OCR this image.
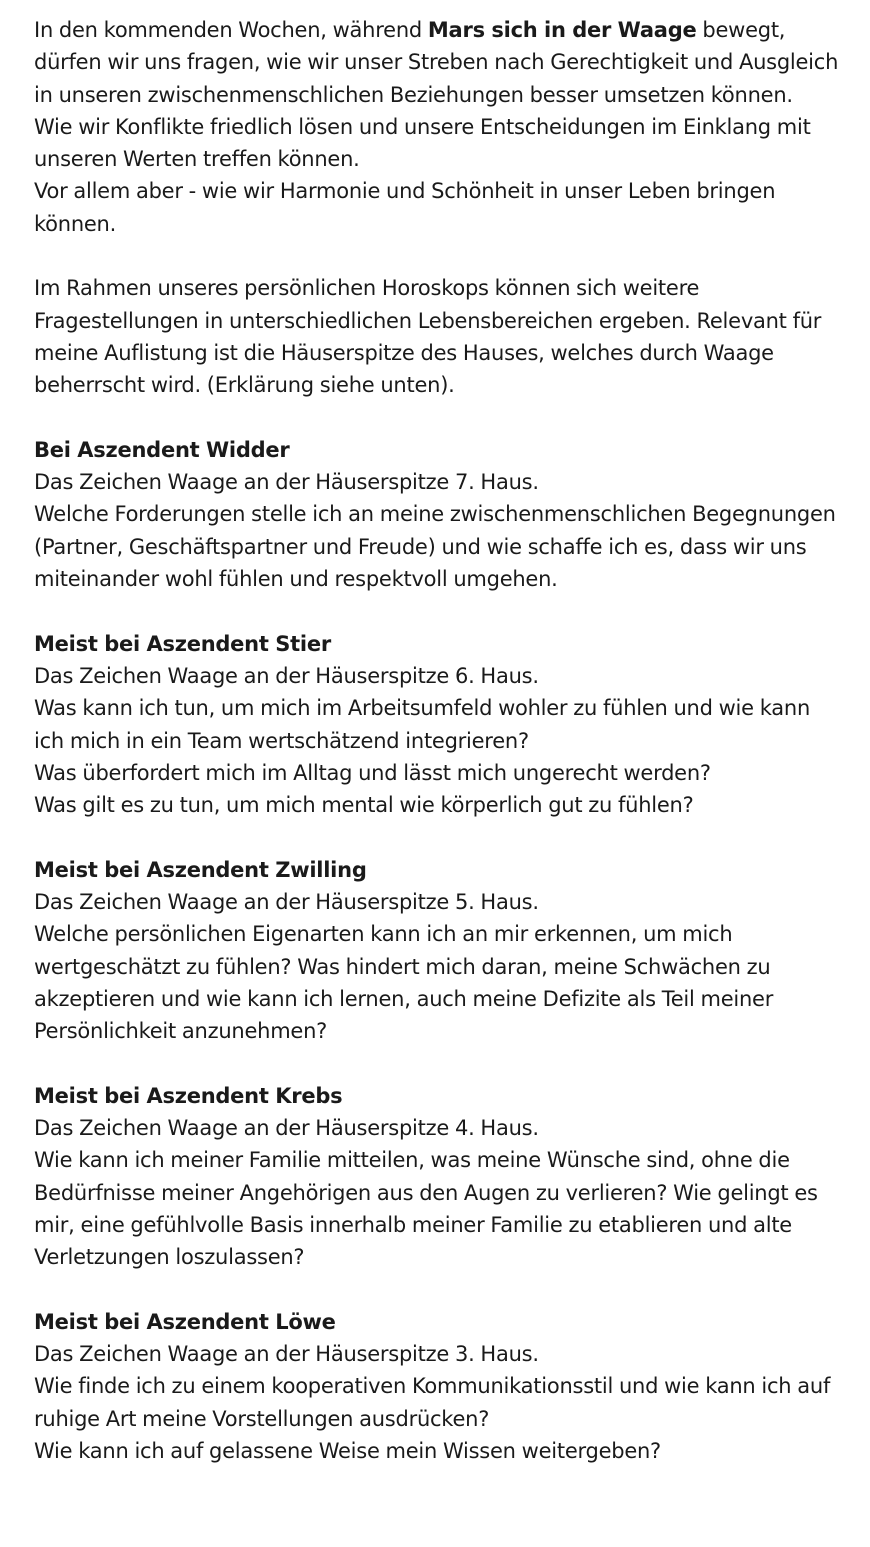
In den kommenden Wochen, während Mars sich in der Waage bewegt, dürfen wir uns fragen, wie wir unser Streben nach Gerechtigkeit und Ausgleich in unseren zwischenmenschlichen Beziehungen besser umsetzen können.
Wie wir Konflikte friedlich lösen und unsere Entscheidungen im Einklang mit unseren Werten treffen können.
Vor allem aber - wie wir Harmonie und Schönheit in unser Leben bringen können.

Im Rahmen unseres persönlichen Horoskops können sich weitere Fragestellungen in unterschiedlichen Lebensbereichen ergeben. Relevant für meine Auflistung ist die Häuserspitze des Hauses, welches durch Waage beherrscht wird. (Erklärung siehe unten).

Bei Aszendent Widder
Das Zeichen Waage an der Häuserspitze 7. Haus.
Welche Forderungen stelle ich an meine zwischenmenschlichen Begegnungen (Partner, Geschäftspartner und Freude) und wie schaffe ich es, dass wir uns miteinander wohl fühlen und respektvoll umgehen.

Meist bei Aszendent Stier
Das Zeichen Waage an der Häuserspitze 6. Haus.
Was kann ich tun, um mich im Arbeitsumfeld wohler zu fühlen und wie kann ich mich in ein Team wertschätzend integrieren?
Was überfordert mich im Alltag und lässt mich ungerecht werden?
Was gilt es zu tun, um mich mental wie körperlich gut zu fühlen?

Meist bei Aszendent Zwilling
Das Zeichen Waage an der Häuserspitze 5. Haus.
Welche persönlichen Eigenarten kann ich an mir erkennen, um mich wertgeschätzt zu fühlen? Was hindert mich daran, meine Schwächen zu akzeptieren und wie kann ich lernen, auch meine Defizite als Teil meiner Persönlichkeit anzunehmen?

Meist bei Aszendent Krebs
Das Zeichen Waage an der Häuserspitze 4. Haus.
Wie kann ich meiner Familie mitteilen, was meine Wünsche sind, ohne die Bedürfnisse meiner Angehörigen aus den Augen zu verlieren? Wie gelingt es mir, eine gefühlvolle Basis innerhalb meiner Familie zu etablieren und alte Verletzungen loszulassen?

Meist bei Aszendent Löwe
Das Zeichen Waage an der Häuserspitze 3. Haus.
Wie finde ich zu einem kooperativen Kommunikationsstil und wie kann ich auf ruhige Art meine Vorstellungen ausdrücken?
Wie kann ich auf gelassene Weise mein Wissen weitergeben?
